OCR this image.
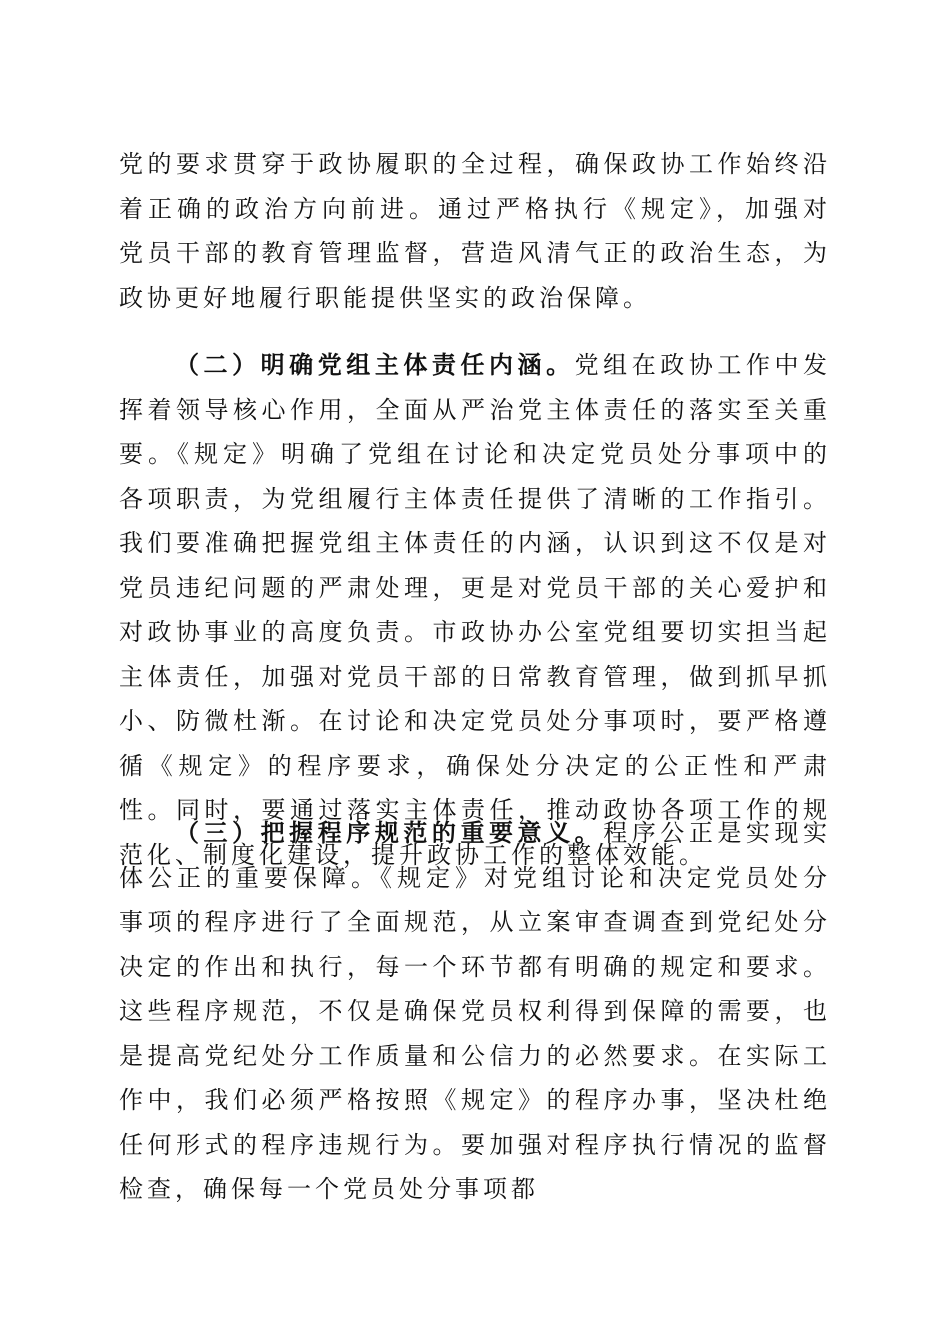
党的要求贯穿于政协履职的全过程，确保政协工作始终沿着正确的政治方向前进。通过严格执行《规定》，加强对党员干部的教育管理监督，营造风清气正的政治生态，为政协更好地履行职能提供坚实的政治保障。

（二）明确党组主体责任内涵。党组在政协工作中发挥着领导核心作用，全面从严治党主体责任的落实至关重要。《规定》明确了党组在讨论和决定党员处分事项中的各项职责，为党组履行主体责任提供了清晰的工作指引。我们要准确把握党组主体责任的内涵，认识到这不仅是对党员违纪问题的严肃处理，更是对党员干部的关心爱护和对政协事业的高度负责。市政协办公室党组要切实担当起主体责任，加强对党员干部的日常教育管理，做到抓早抓小、防微杜渐。在讨论和决定党员处分事项时，要严格遵循《规定》的程序要求，确保处分决定的公正性和严肃性。同时，要通过落实主体责任，推动政协各项工作的规范化、制度化建设，提升政协工作的整体效能。

（三）把握程序规范的重要意义。程序公正是实现实体公正的重要保障。《规定》对党组讨论和决定党员处分事项的程序进行了全面规范，从立案审查调查到党纪处分决定的作出和执行，每一个环节都有明确的规定和要求。这些程序规范，不仅是确保党员权利得到保障的需要，也是提高党纪处分工作质量和公信力的必然要求。在实际工作中，我们必须严格按照《规定》的程序办事，坚决杜绝任何形式的程序违规行为。要加强对程序执行情况的监督检查，确保每一个党员处分事项都
